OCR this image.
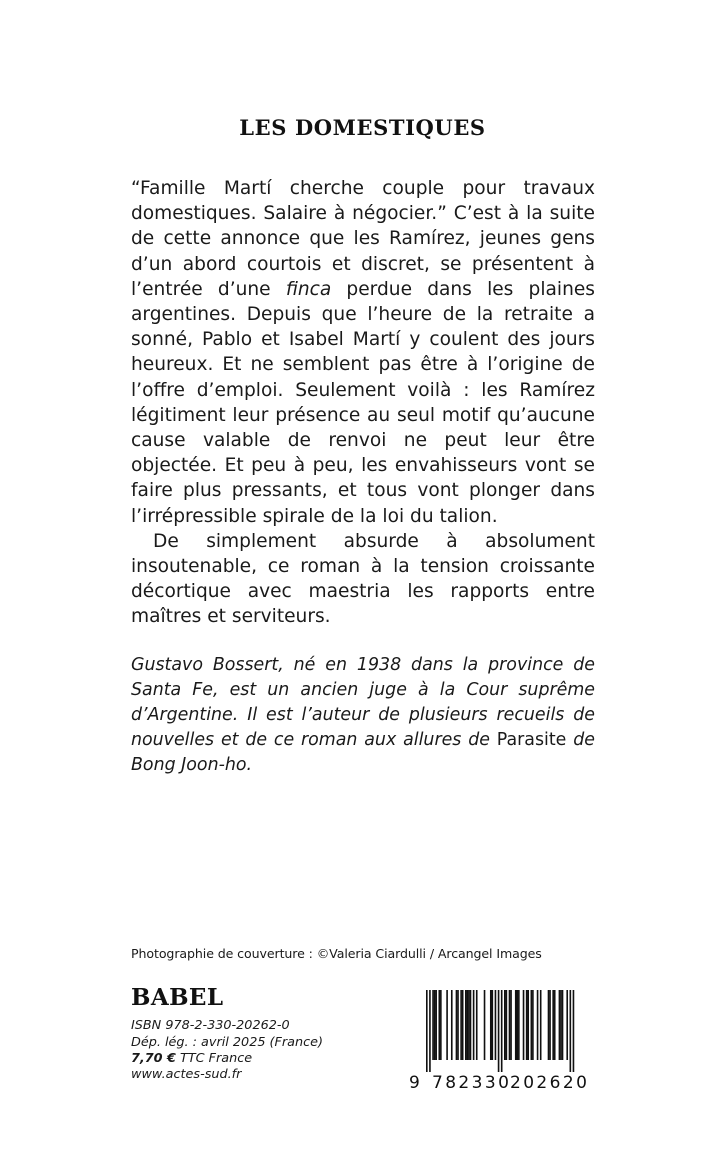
LES DOMESTIQUES

“Famille Martí cherche couple pour travaux domestiques. Salaire à négocier.” C’est à la suite de cette annonce que les Ramírez, jeunes gens d’un abord courtois et discret, se présentent à l’entrée d’une finca perdue dans les plaines argentines. Depuis que l’heure de la retraite a sonné, Pablo et Isabel Martí y coulent des jours heureux. Et ne semblent pas être à l’origine de l’offre d’emploi. Seulement voilà : les Ramírez légitiment leur présence au seul motif qu’aucune cause valable de renvoi ne peut leur être objectée. Et peu à peu, les envahisseurs vont se faire plus pressants, et tous vont plonger dans l’irrépressible spirale de la loi du talion.

De simplement absurde à absolument insoutenable, ce roman à la tension croissante décortique avec maestria les rapports entre maîtres et serviteurs.

Gustavo Bossert, né en 1938 dans la province de Santa Fe, est un ancien juge à la Cour suprême d’Argentine. Il est l’auteur de plusieurs recueils de nouvelles et de ce roman aux allures de Parasite de Bong Joon-ho.

Photographie de couverture : ©Valeria Ciardulli / Arcangel Images
BABEL
ISBN 978-2-330-20262-0
Dép. lég. : avril 2025 (France)
7,70 € TTC France
www.actes-sud.fr	9 782330
202620
